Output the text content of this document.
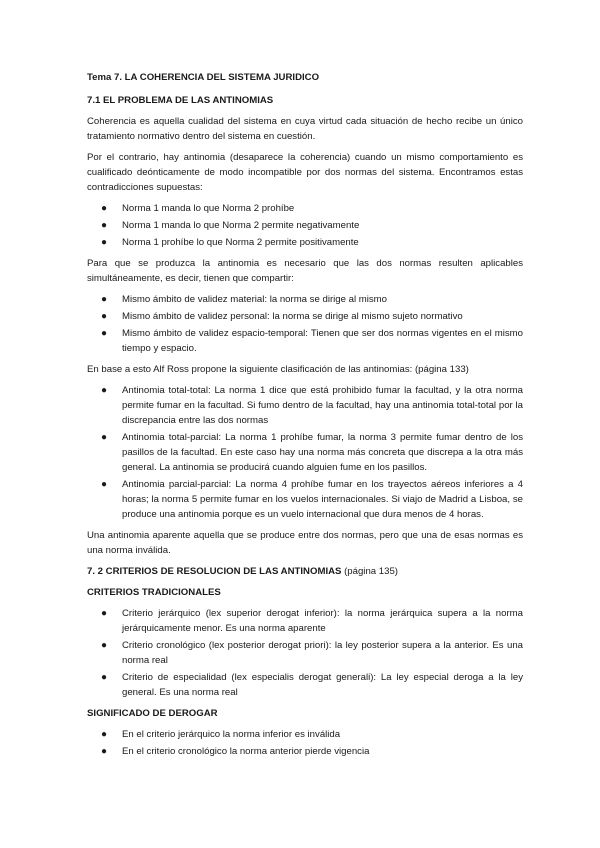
Tema 7. LA COHERENCIA DEL SISTEMA JURIDICO
7.1 EL PROBLEMA DE LAS ANTINOMIAS

Coherencia es aquella cualidad del sistema en cuya virtud cada situación de hecho recibe un único tratamiento normativo dentro del sistema en cuestión.

Por el contrario, hay antinomia (desaparece la coherencia) cuando un mismo comportamiento es cualificado deónticamente de modo incompatible por dos normas del sistema. Encontramos estas contradicciones supuestas:

● Norma 1 manda lo que Norma 2 prohíbe
● Norma 1 manda lo que Norma 2 permite negativamente
● Norma 1 prohíbe lo que Norma 2 permite positivamente

Para que se produzca la antinomia es necesario que las dos normas resulten aplicables simultáneamente, es decir, tienen que compartir:

● Mismo ámbito de validez material: la norma se dirige al mismo
● Mismo ámbito de validez personal: la norma se dirige al mismo sujeto normativo
● Mismo ámbito de validez espacio-temporal: Tienen que ser dos normas vigentes en el mismo tiempo y espacio.

En base a esto Alf Ross propone la siguiente clasificación de las antinomias: (página 133)

● Antinomia total-total: La norma 1 dice que está prohibido fumar la facultad, y la otra norma permite fumar en la facultad. Si fumo dentro de la facultad, hay una antinomia total-total por la discrepancia entre las dos normas
● Antinomia total-parcial: La norma 1 prohíbe fumar, la norma 3 permite fumar dentro de los pasillos de la facultad. En este caso hay una norma más concreta que discrepa a la otra más general. La antinomia se producirá cuando alguien fume en los pasillos.
● Antinomia parcial-parcial: La norma 4 prohíbe fumar en los trayectos aéreos inferiores a 4 horas; la norma 5 permite fumar en los vuelos internacionales. Si viajo de Madrid a Lisboa, se produce una antinomia porque es un vuelo internacional que dura menos de 4 horas.

Una antinomia aparente aquella que se produce entre dos normas, pero que una de esas normas es una norma inválida.

7. 2 CRITERIOS DE RESOLUCION DE LAS ANTINOMIAS (página 135)
CRITERIOS TRADICIONALES
● Criterio jerárquico (lex superior derogat inferior): la norma jerárquica supera a la norma jerárquicamente menor. Es una norma aparente
● Criterio cronológico (lex posterior derogat priori): la ley posterior supera a la anterior. Es una norma real
● Criterio de especialidad (lex especialis derogat generali): La ley especial deroga a la ley general. Es una norma real
SIGNIFICADO DE DEROGAR
● En el criterio jerárquico la norma inferior es inválida
● En el criterio cronológico la norma anterior pierde vigencia
